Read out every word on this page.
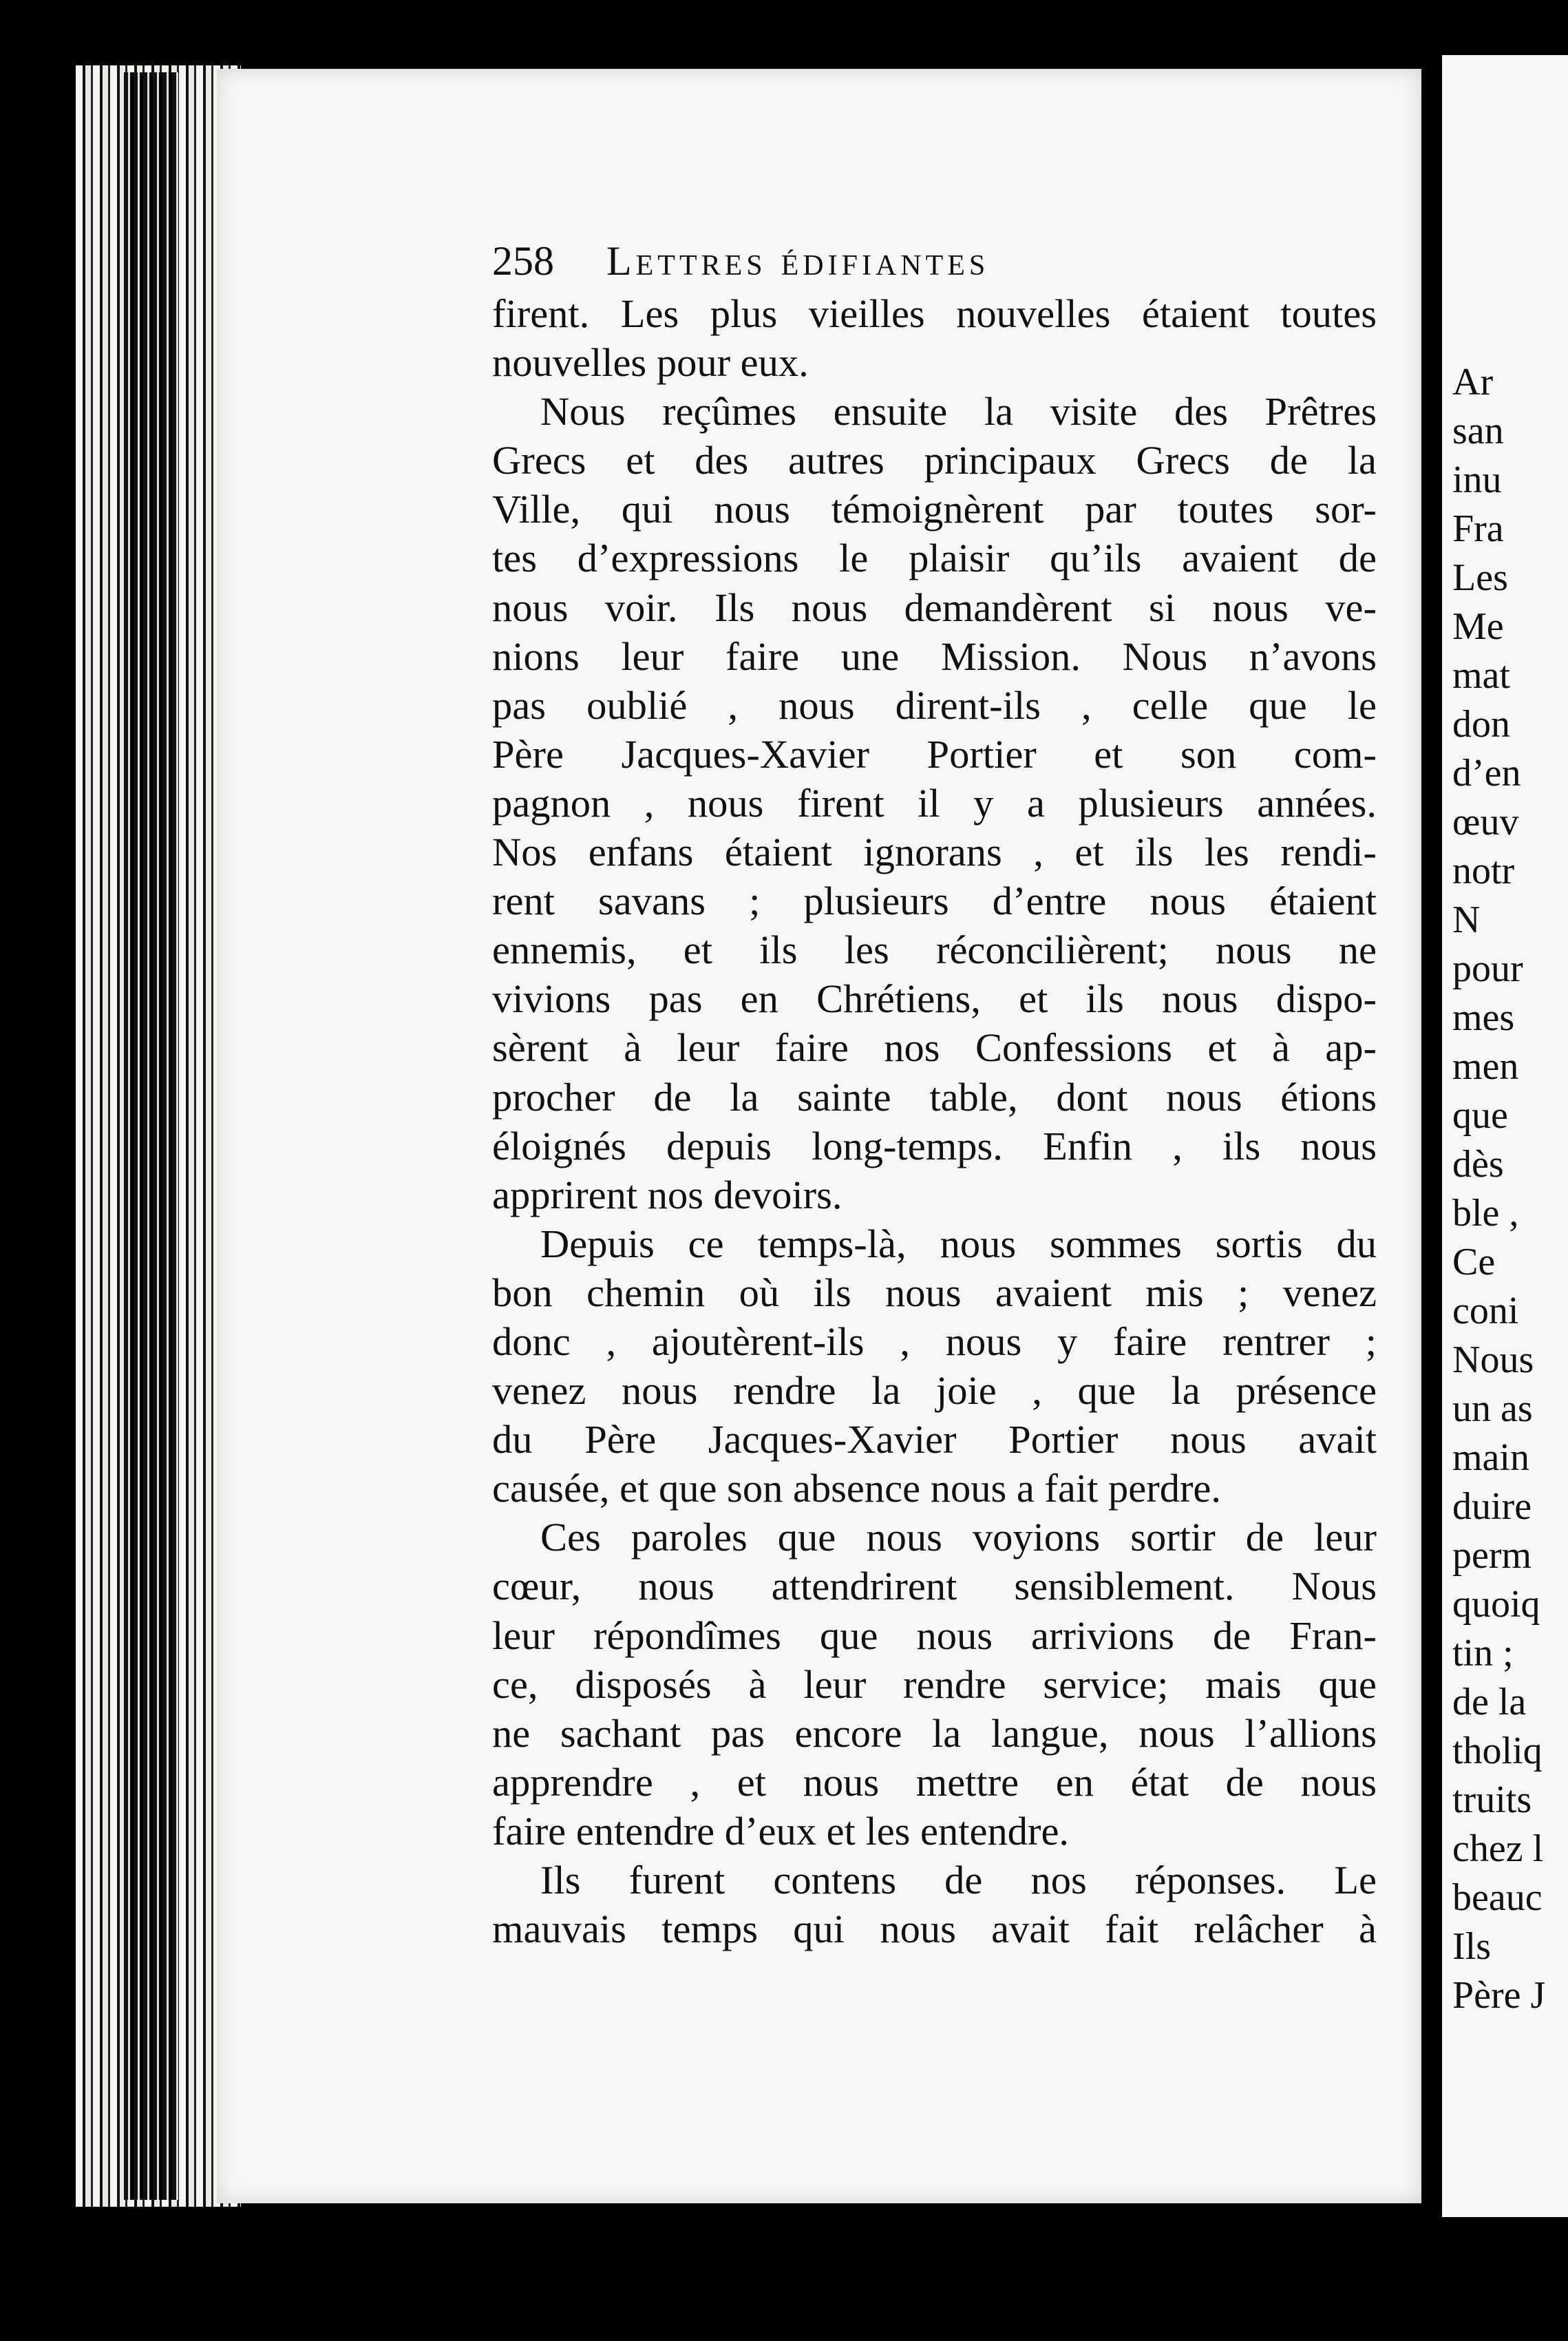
258 Lettres édifiantes
firent. Les plus vieilles nouvelles étaient toutes
nouvelles pour eux.
Nous reçûmes ensuite la visite des Prêtres
Grecs et des autres principaux Grecs de la
Ville, qui nous témoignèrent par toutes sor-
tes d’expressions le plaisir qu’ils avaient de
nous voir. Ils nous demandèrent si nous ve-
nions leur faire une Mission. Nous n’avons
pas oublié , nous dirent-ils , celle que le
Père Jacques-Xavier Portier et son com-
pagnon , nous firent il y a plusieurs années.
Nos enfans étaient ignorans , et ils les rendi-
rent savans ; plusieurs d’entre nous étaient
ennemis, et ils les réconcilièrent; nous ne
vivions pas en Chrétiens, et ils nous dispo-
sèrent à leur faire nos Confessions et à ap-
procher de la sainte table, dont nous étions
éloignés depuis long-temps. Enfin , ils nous
apprirent nos devoirs.
Depuis ce temps-là, nous sommes sortis du
bon chemin où ils nous avaient mis ; venez
donc , ajoutèrent-ils , nous y faire rentrer ;
venez nous rendre la joie , que la présence
du Père Jacques-Xavier Portier nous avait
causée, et que son absence nous a fait perdre.
Ces paroles que nous voyions sortir de leur
cœur, nous attendrirent sensiblement. Nous
leur répondîmes que nous arrivions de Fran-
ce, disposés à leur rendre service; mais que
ne sachant pas encore la langue, nous l’allions
apprendre , et nous mettre en état de nous
faire entendre d’eux et les entendre.
Ils furent contens de nos réponses. Le
mauvais temps qui nous avait fait relâcher à
Ar
san
inu
Fra
Les
Me
mat
don
d’en
œuv
notr
N
pour
mes
men
que
dès
ble ,
Ce
coni
Nous
un as
main
duire
perm
quoiq
tin ;
de la
tholiq
truits
chez l
beauc
Ils
Père J
